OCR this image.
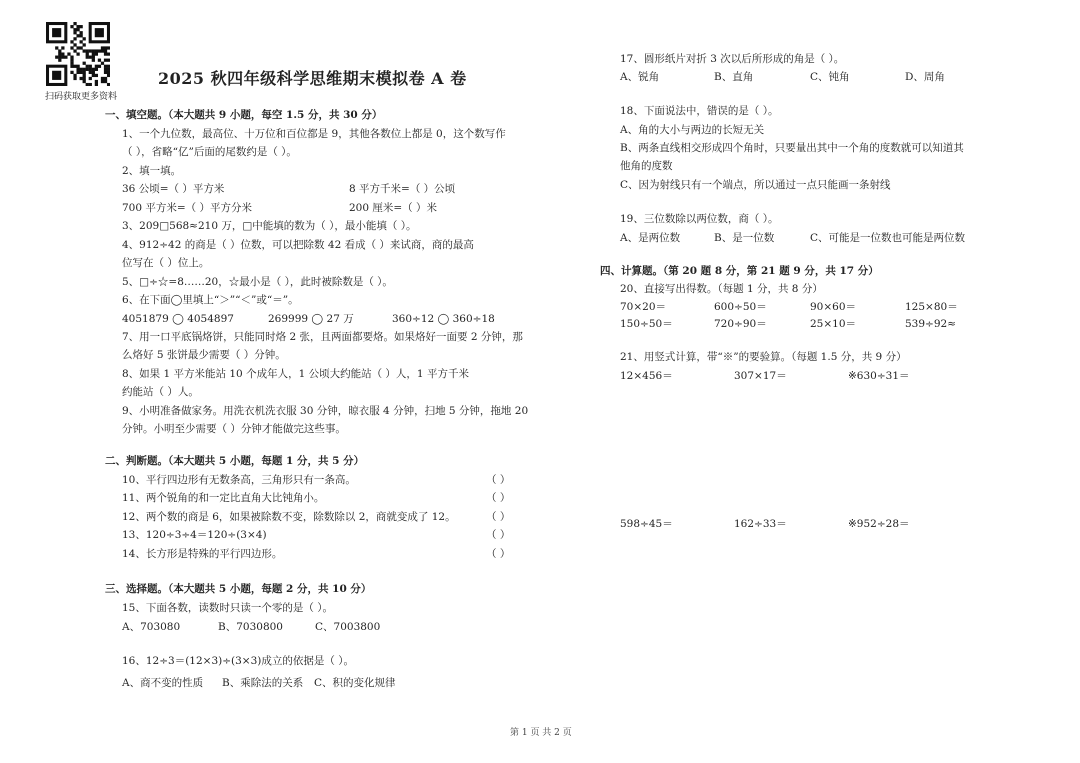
扫码获取更多资料
2025 秋四年级科学思维期末模拟卷 A 卷
一、填空题。（本大题共 9 小题，每空 1.5 分，共 30 分）
1、一个九位数，最高位、十万位和百位都是 9，其他各数位上都是 0，这个数写作
（ ），省略“亿”后面的尾数约是（ ）。
2、填一填。
36 公顷=（ ）平方米	8 平方千米=（ ）公顷
700 平方米=（ ）平方分米	200 厘米=（ ）米
3、209□568≈210 万，□中能填的数为（ ），最小能填（ ）。
4、912÷42 的商是（ ）位数，可以把除数 42 看成（ ）来试商，商的最高
位写在（ ）位上。
5、□÷☆=8……20，☆最小是（ ），此时被除数是（ ）。
6、在下面◯里填上“＞”“＜”或“＝”。
4051879 ◯ 4054897	269999 ◯ 27 万	360÷12 ◯ 360÷18
7、用一口平底锅烙饼，只能同时烙 2 张，且两面都要烙。如果烙好一面要 2 分钟，那
么烙好 5 张饼最少需要（ ）分钟。
8、如果 1 平方米能站 10 个成年人，1 公顷大约能站（ ）人，1 平方千米
约能站（ ）人。
9、小明准备做家务。用洗衣机洗衣服 30 分钟，晾衣服 4 分钟，扫地 5 分钟，拖地 20
分钟。小明至少需要（ ）分钟才能做完这些事。
二、判断题。（本大题共 5 小题，每题 1 分，共 5 分）
10、平行四边形有无数条高，三角形只有一条高。	（ ）
11、两个锐角的和一定比直角大比钝角小。	（ ）
12、两个数的商是 6，如果被除数不变，除数除以 2，商就变成了 12。	（ ）
13、120÷3÷4＝120÷(3×4)	（ ）
14、长方形是特殊的平行四边形。	（ ）
三、选择题。（本大题共 5 小题，每题 2 分，共 10 分）
15、下面各数，读数时只读一个零的是（ ）。
A、703080	B、7030800	C、7003800
16、12÷3＝(12×3)÷(3×3)成立的依据是（ ）。
A、商不变的性质 B、乘除法的关系 C、积的变化规律
17、圆形纸片对折 3 次以后所形成的角是（ ）。
A、锐角	B、直角	C、钝角	D、周角
18、下面说法中，错误的是（ ）。
A、角的大小与两边的长短无关
B、两条直线相交形成四个角时，只要量出其中一个角的度数就可以知道其
他角的度数
C、因为射线只有一个端点，所以通过一点只能画一条射线
19、三位数除以两位数，商（ ）。
A、是两位数	B、是一位数	C、可能是一位数也可能是两位数
四、计算题。（第 20 题 8 分，第 21 题 9 分，共 17 分）
20、直接写出得数。（每题 1 分，共 8 分）
70×20＝	600÷50＝	90×60＝	125×80＝
150÷50＝	720÷90＝	25×10＝	539÷92≈
21、用竖式计算，带“※”的要验算。（每题 1.5 分，共 9 分）
12×456＝	307×17＝	※630÷31＝
598÷45＝	162÷33＝	※952÷28＝
第 1 页 共 2 页
